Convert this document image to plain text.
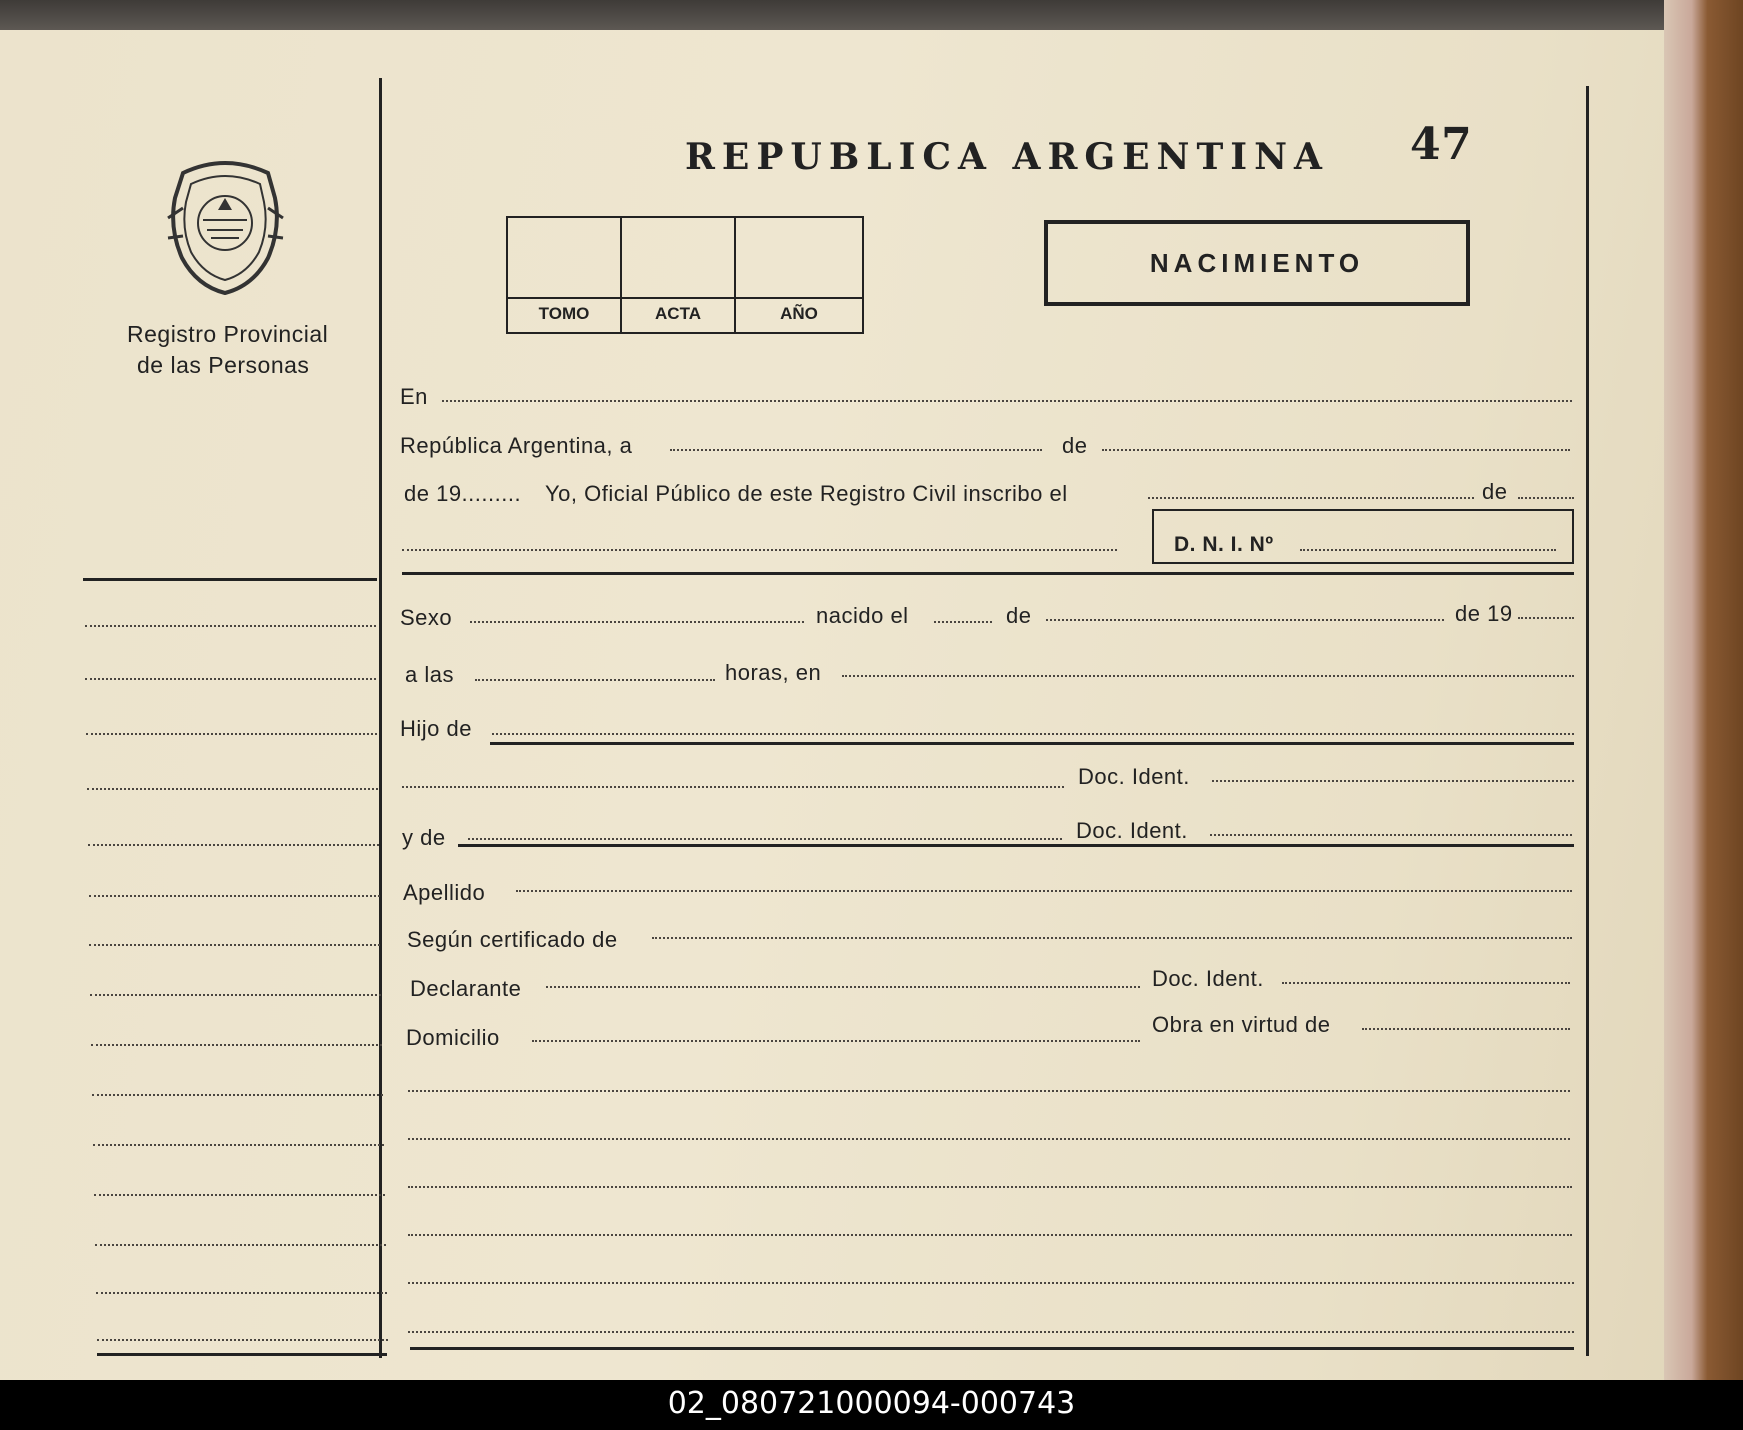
Registro Provincial
de las Personas
REPUBLICA ARGENTINA 47
TOMO	ACTA	AÑO
NACIMIENTO
En
República Argentina, a	de
de 19......... Yo, Oficial Público de este Registro Civil inscribo el	de
D. N. I. Nº
Sexo	nacido el	de	de 19
a las	horas, en
Hijo de
Doc. Ident.
y de	Doc. Ident.
Apellido
Según certificado de
Declarante	Doc. Ident.
Domicilio
Obra en virtud de
02_080721000094-000743
